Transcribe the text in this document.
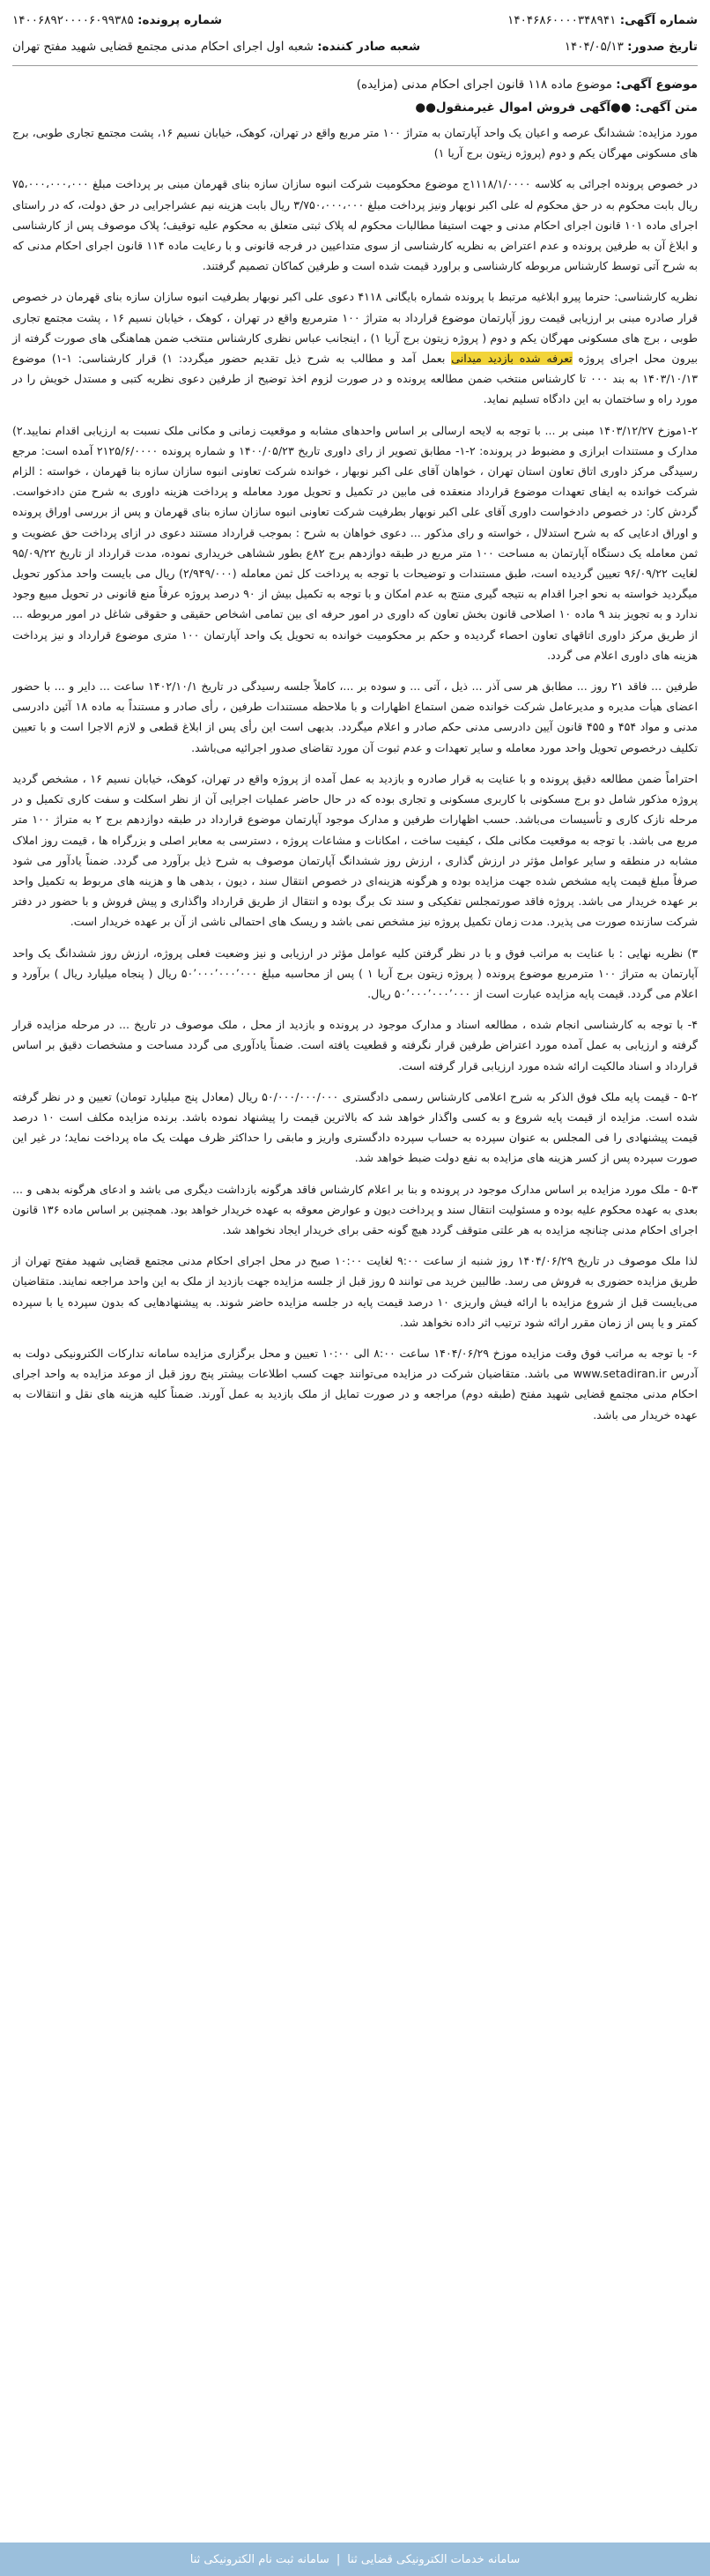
شماره آگهی: ۱۴۰۴۶۸۶۰۰۰۰۳۴۸۹۴۱
شماره پرونده: ۱۴۰۰۶۸۹۲۰۰۰۰۶۰۹۹۳۸۵
تاریخ صدور: ۱۴۰۴/۰۵/۱۳
شعبه صادر کننده: شعبه اول اجرای احکام مدنی مجتمع قضایی شهید مفتح تهران
موضوع آگهی: موضوع ماده ۱۱۸ قانون اجرای احکام مدنی (مزایده)
متن آگهی: ●●آگهی فروش اموال غیرمنقول●●

مورد مزایده: ششدانگ عرصه و اعیان یک واحد آپارتمان به متراژ ۱۰۰ متر مربع واقع در تهران، کوهک، خیابان نسیم ۱۶، پشت مجتمع تجاری طوبی، برج های مسکونی مهرگان یکم و دوم (پروژه زیتون برج آریا ۱)

در خصوص پرونده اجرائی به کلاسه ۱۱۱۸/۱/۰۰۰۰ج موضوع محکومیت شرکت انبوه سازان سازه بنای قهرمان مبنی بر پرداخت مبلغ ۷۵،۰۰۰،۰۰۰،۰۰۰ ریال بابت محکوم به در حق محکوم له علی اکبر نوبهار ونیز پرداخت مبلغ ۳/۷۵۰،۰۰۰،۰۰۰ ریال بابت هزینه نیم عشراجرایی در حق دولت، که در راستای اجرای ماده ۱۰۱ قانون اجرای احکام مدنی و جهت استیفا مطالبات محکوم له پلاک ثبتی متعلق به محکوم علیه توقیف؛ پلاک موصوف پس از کارشناسی و ابلاغ آن به طرفین پرونده و عدم اعتراض به نظریه کارشناسی از سوی متداعیین در فرجه قانونی و با رعایت ماده ۱۱۴ قانون اجرای احکام مدنی که به شرح آتی توسط کارشناس مربوطه کارشناسی و براورد قیمت شده است و طرفین کماکان تصمیم گرفتند.

نظریه کارشناسی: حترما پیرو ابلاغیه مرتبط با پرونده شماره بایگانی ۴۱۱۸ دعوی علی اکبر نوبهار بطرفیت انبوه سازان سازه بنای قهرمان در خصوص قرار صادره مبنی بر ارزیابی قیمت روز آپارتمان موضوع قرارداد به متراژ ۱۰۰ مترمربع واقع در تهران ، کوهک ، خیابان نسیم ۱۶ ، پشت مجتمع تجاری طوبی ، برج های مسکونی مهرگان یکم و دوم ( پروژه زیتون برج آریا ۱) ، اینجانب عباس نظری کارشناس منتخب ضمن هماهنگی های صورت گرفته از بیرون محل اجرای پروژه تعرفه شده بازدید میدانی بعمل آمد و مطالب به شرح ذیل تقدیم حضور میگردد: ۱) قرار کارشناسی: ۱-۱) موضوع ۱۴۰۳/۱۰/۱۳ به بند ۰۰۰ تا کارشناس منتخب ضمن مطالعه پرونده و در صورت لزوم اخذ توضیح از طرفین دعوی نظریه کتبی و مستدل خویش را در مورد راه و ساختمان به این دادگاه تسلیم نماید.

۱-۲موزخ ۱۴۰۳/۱۲/۲۷ مبنی بر ... با توجه به لایحه ارسالی بر اساس واحدهای مشابه و موقعیت زمانی و مکانی ملک نسبت به ارزیابی اقدام نمایید.۲) مدارک و مستندات ابرازی و مضبوط در پرونده: ۲-۱- مطابق تصویر از رای داوری تاریخ ۱۴۰۰/۰۵/۲۳ و شماره پرونده ۲۱۲۵/۶/۰۰۰۰ آمده است: مرجع رسیدگی مرکز داوری اتاق تعاون استان تهران ، خواهان آقای علی اکبر نوبهار ، خوانده شرکت تعاونی انبوه سازان سازه بنا قهرمان ، خواسته : الزام شرکت خوانده به ایفای تعهدات موضوع قرارداد منعقده فی مابین در تکمیل و تحویل مورد معامله و پرداخت هزینه داوری به شرح متن دادخواست. گردش کار: در خصوص دادخواست داوری آقای علی اکبر نوبهار بطرفیت شرکت تعاونی انبوه سازان سازه بنای قهرمان و پس از بررسی اوراق پرونده و اوراق ادعایی که به شرح استدلال ، خواسته و رای مذکور ... دعوی خواهان به شرح : بموجب قرارداد مستند دعوی در ازای پرداخت حق عضویت و ثمن معامله یک دستگاه آپارتمان به مساحت ۱۰۰ متر مربع در طبقه دوازدهم برج ۸۲ع بطور ششاهی خریداری نموده، مدت قرارداد از تاریخ ۹۵/۰۹/۲۲ لغایت ۹۶/۰۹/۲۲ تعیین گردیده است، طبق مستندات و توضیحات با توجه به پرداخت کل ثمن معامله (۲/۹۴۹/۰۰۰) ریال می بایست واحد مذکور تحویل میگردید خواسته به نحو اجرا اقدام به نتیجه گیری منتج به عدم امکان و با توجه به تکمیل بیش از ۹۰ درصد پروژه عرفاً منع قانونی در تحویل مبیع وجود ندارد و به تجویز بند ۹ ماده ۱۰ اصلاحی قانون بخش تعاون که داوری در امور حرفه ای بین تمامی اشخاص حقیقی و حقوقی شاغل در امور مربوطه ... از طریق مرکز داوری اتاقهای تعاون احصاء گردیده و حکم بر محکومیت خوانده به تحویل یک واحد آپارتمان ۱۰۰ متری موضوع قرارداد و نیز پرداخت هزینه های داوری اعلام می گردد.

طرفین ... فاقد ۲۱ روز ... مطابق هر سی آذر ... ذیل ، آتی ... و سوده بر ...، کاملاً جلسه رسیدگی در تاریخ ۱۴۰۲/۱۰/۱ ساعت ... دایر و ... با حضور اعضای هیأت مدیره و مدیرعامل شرکت خوانده ضمن استماع اظهارات و با ملاحظه مستندات طرفین ، رأی صادر و مستنداً به ماده ۱۸ آئین دادرسی مدنی و مواد ۴۵۴ و ۴۵۵ قانون آیین دادرسی مدنی حکم صادر و اعلام میگردد. بدیهی است این رأی پس از ابلاغ قطعی و لازم الاجرا است و با تعیین تکلیف درخصوص تحویل واحد مورد معامله و سایر تعهدات و عدم ثبوت آن مورد تقاضای صدور اجرائیه می‌باشد.

احتراماً ضمن مطالعه دقیق پرونده و با عنایت به قرار صادره و بازدید به عمل آمده از پروژه واقع در تهران، کوهک، خیابان نسیم ۱۶ ، مشخص گردید پروژه مذکور شامل دو برج مسکونی با کاربری مسکونی و تجاری بوده که در حال حاضر عملیات اجرایی آن از نظر اسکلت و سفت کاری تکمیل و در مرحله نازک کاری و تأسیسات می‌باشد. حسب اظهارات طرفین و مدارک موجود آپارتمان موضوع قرارداد در طبقه دوازدهم برج ۲ به متراژ ۱۰۰ متر مربع می باشد. با توجه به موقعیت مکانی ملک ، کیفیت ساخت ، امکانات و مشاعات پروژه ، دسترسی به معابر اصلی و بزرگراه ها ، قیمت روز املاک مشابه در منطقه و سایر عوامل مؤثر در ارزش گذاری ، ارزش روز ششدانگ آپارتمان موصوف به شرح ذیل برآورد می گردد. ضمناً یادآور می شود صرفاً مبلغ قیمت پایه مشخص شده جهت مزایده بوده و هرگونه هزینه‌ای در خصوص انتقال سند ، دیون ، بدهی ها و هزینه های مربوط به تکمیل واحد بر عهده خریدار می باشد. پروژه فاقد صورتمجلس تفکیکی و سند تک برگ بوده و انتقال از طریق قرارداد واگذاری و پیش فروش و با حضور در دفتر شرکت سازنده صورت می پذیرد. مدت زمان تکمیل پروژه نیز مشخص نمی باشد و ریسک های احتمالی ناشی از آن بر عهده خریدار است.

۳) نظریه نهایی : با عنایت به مراتب فوق و با در نظر گرفتن کلیه عوامل مؤثر در ارزیابی و نیز وضعیت فعلی پروژه، ارزش روز ششدانگ یک واحد آپارتمان به متراژ ۱۰۰ مترمربع موضوع پرونده ( پروژه زیتون برج آریا ۱ ) پس از محاسبه مبلغ ۵۰٬۰۰۰٬۰۰۰٬۰۰۰ ریال ( پنجاه میلیارد ریال ) برآورد و اعلام می گردد. قیمت پایه مزایده عبارت است از ۵۰٬۰۰۰٬۰۰۰٬۰۰۰ ریال.

۴- با توجه به کارشناسی انجام شده ، مطالعه اسناد و مدارک موجود در پرونده و بازدید از محل ، ملک موصوف در تاریخ ... در مرحله مزایده قرار گرفته و ارزیابی به عمل آمده مورد اعتراض طرفین قرار نگرفته و قطعیت یافته است. ضمناً یادآوری می گردد مساحت و مشخصات دقیق بر اساس قرارداد و اسناد مالکیت ارائه شده مورد ارزیابی قرار گرفته است.

۵-۲ - قیمت پایه ملک فوق الذکر به شرح اعلامی کارشناس رسمی دادگستری ۵۰/۰۰۰/۰۰۰/۰۰۰ ریال (معادل پنج میلیارد تومان) تعیین و در نظر گرفته شده است. مزایده از قیمت پایه شروع و به کسی واگذار خواهد شد که بالاترین قیمت را پیشنهاد نموده باشد. برنده مزایده مکلف است ۱۰ درصد قیمت پیشنهادی را فی المجلس به عنوان سپرده به حساب سپرده دادگستری واریز و مابقی را حداکثر ظرف مهلت یک ماه پرداخت نماید؛ در غیر این صورت سپرده پس از کسر هزینه های مزایده به نفع دولت ضبط خواهد شد.

۵-۳ - ملک مورد مزایده بر اساس مدارک موجود در پرونده و بنا بر اعلام کارشناس فاقد هرگونه بازداشت دیگری می باشد و ادعای هرگونه بدهی و ... بعدی به عهده محکوم علیه بوده و مسئولیت انتقال سند و پرداخت دیون و عوارض معوقه به عهده خریدار خواهد بود. همچنین بر اساس ماده ۱۳۶ قانون اجرای احکام مدنی چنانچه مزایده به هر علتی متوقف گردد هیچ گونه حقی برای خریدار ایجاد نخواهد شد.

لذا ملک موصوف در تاریخ ۱۴۰۴/۰۶/۲۹ روز شنبه از ساعت ۹:۰۰ لغایت ۱۰:۰۰ صبح در محل اجرای احکام مدنی مجتمع قضایی شهید مفتح تهران از طریق مزایده حضوری به فروش می رسد. طالبین خرید می توانند ۵ روز قبل از جلسه مزایده جهت بازدید از ملک به این واحد مراجعه نمایند. متقاضیان می‌بایست قبل از شروع مزایده با ارائه فیش واریزی ۱۰ درصد قیمت پایه در جلسه مزایده حاضر شوند. به پیشنهادهایی که بدون سپرده یا با سپرده کمتر و یا پس از زمان مقرر ارائه شود ترتیب اثر داده نخواهد شد.

۶- با توجه به مراتب فوق وقت مزایده موزخ ۱۴۰۴/۰۶/۲۹ ساعت ۸:۰۰ الی ۱۰:۰۰ تعیین و محل برگزاری مزایده سامانه تدارکات الکترونیکی دولت به آدرس www.setadiran.ir می باشد. متقاضیان شرکت در مزایده می‌توانند جهت کسب اطلاعات بیشتر پنج روز قبل از موعد مزایده به واحد اجرای احکام مدنی مجتمع قضایی شهید مفتح (طبقه دوم) مراجعه و در صورت تمایل از ملک بازدید به عمل آورند. ضمناً کلیه هزینه های نقل و انتقالات به عهده خریدار می باشد.

سامانه خدمات الکترونیکی قضایی ثنا
|
سامانه ثبت نام الکترونیکی ثنا
